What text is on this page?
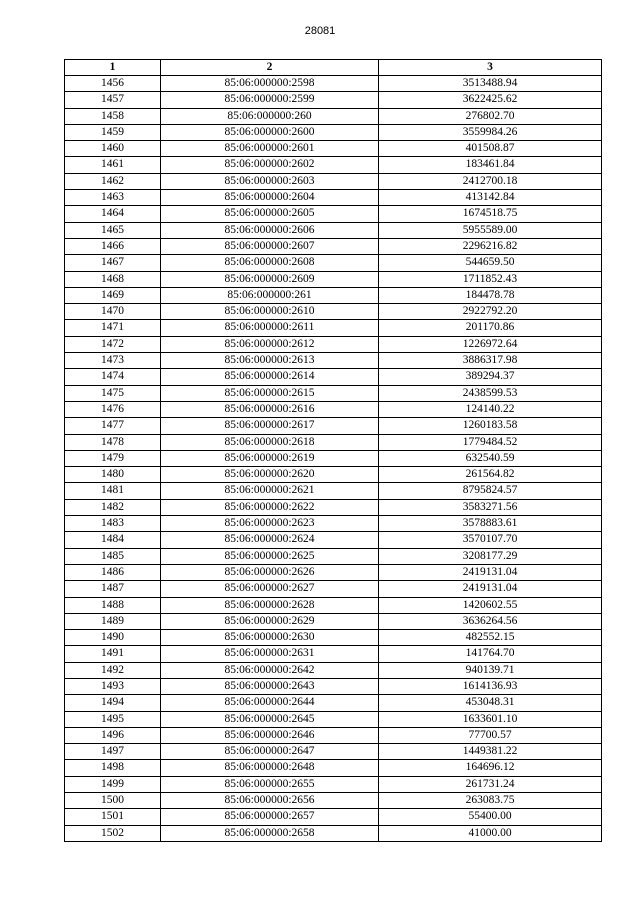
28081
1	2	3
1456	85:06:000000:2598	3513488.94
1457	85:06:000000:2599	3622425.62
1458	85:06:000000:260	276802.70
1459	85:06:000000:2600	3559984.26
1460	85:06:000000:2601	401508.87
1461	85:06:000000:2602	183461.84
1462	85:06:000000:2603	2412700.18
1463	85:06:000000:2604	413142.84
1464	85:06:000000:2605	1674518.75
1465	85:06:000000:2606	5955589.00
1466	85:06:000000:2607	2296216.82
1467	85:06:000000:2608	544659.50
1468	85:06:000000:2609	1711852.43
1469	85:06:000000:261	184478.78
1470	85:06:000000:2610	2922792.20
1471	85:06:000000:2611	201170.86
1472	85:06:000000:2612	1226972.64
1473	85:06:000000:2613	3886317.98
1474	85:06:000000:2614	389294.37
1475	85:06:000000:2615	2438599.53
1476	85:06:000000:2616	124140.22
1477	85:06:000000:2617	1260183.58
1478	85:06:000000:2618	1779484.52
1479	85:06:000000:2619	632540.59
1480	85:06:000000:2620	261564.82
1481	85:06:000000:2621	8795824.57
1482	85:06:000000:2622	3583271.56
1483	85:06:000000:2623	3578883.61
1484	85:06:000000:2624	3570107.70
1485	85:06:000000:2625	3208177.29
1486	85:06:000000:2626	2419131.04
1487	85:06:000000:2627	2419131.04
1488	85:06:000000:2628	1420602.55
1489	85:06:000000:2629	3636264.56
1490	85:06:000000:2630	482552.15
1491	85:06:000000:2631	141764.70
1492	85:06:000000:2642	940139.71
1493	85:06:000000:2643	1614136.93
1494	85:06:000000:2644	453048.31
1495	85:06:000000:2645	1633601.10
1496	85:06:000000:2646	77700.57
1497	85:06:000000:2647	1449381.22
1498	85:06:000000:2648	164696.12
1499	85:06:000000:2655	261731.24
1500	85:06:000000:2656	263083.75
1501	85:06:000000:2657	55400.00
1502	85:06:000000:2658	41000.00
